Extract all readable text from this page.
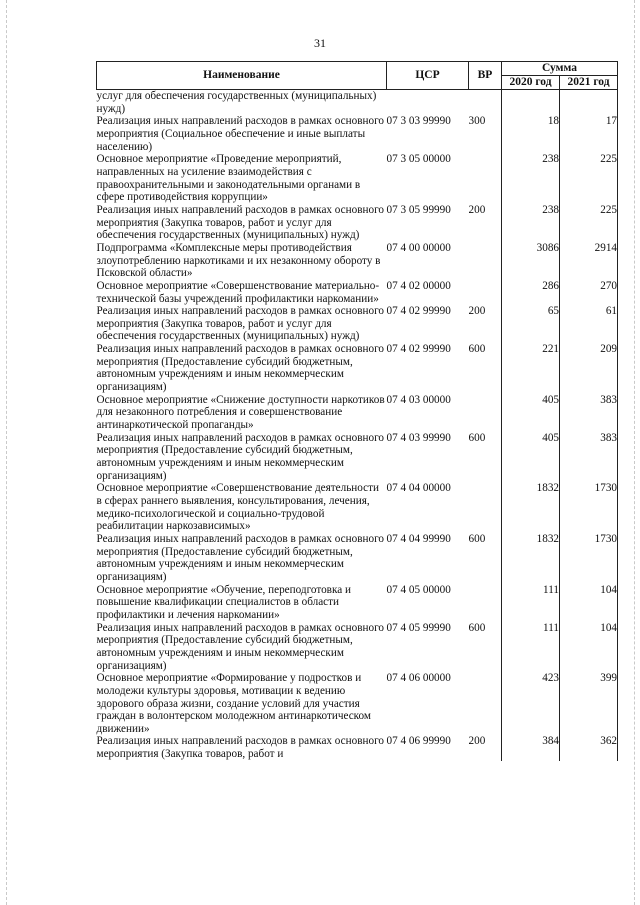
31
Наименование	ЦСР	ВР	Сумма	
			2020 год	2021 год
услуг для обеспечения государственных (муниципальных) нужд)				
Реализация иных направлений расходов в рамках основного мероприятия (Социальное обеспечение и иные выплаты населению)	07 3 03 99990	300	18	17
Основное мероприятие «Проведение мероприятий, направленных на усиление взаимодействия с правоохранительными и законодательными органами в сфере противодействия коррупции»	07 3 05 00000		238	225
Реализация иных направлений расходов в рамках основного мероприятия (Закупка товаров, работ и услуг для обеспечения государственных (муниципальных) нужд)	07 3 05 99990	200	238	225
Подпрограмма «Комплексные меры противодействия злоупотреблению наркотиками и их незаконному обороту в Псковской области»	07 4 00 00000		3086	2914
Основное мероприятие «Совершенствование материально-технической базы учреждений профилактики наркомании»	07 4 02 00000		286	270
Реализация иных направлений расходов в рамках основного мероприятия (Закупка товаров, работ и услуг для обеспечения государственных (муниципальных) нужд)	07 4 02 99990	200	65	61
Реализация иных направлений расходов в рамках основного мероприятия (Предоставление субсидий бюджетным, автономным учреждениям и иным некоммерческим организациям)	07 4 02 99990	600	221	209
Основное мероприятие «Снижение доступности наркотиков для незаконного потребления и совершенствование антинаркотической пропаганды»	07 4 03 00000		405	383
Реализация иных направлений расходов в рамках основного мероприятия (Предоставление субсидий бюджетным, автономным учреждениям и иным некоммерческим организациям)	07 4 03 99990	600	405	383
Основное мероприятие «Совершенствование деятельности в сферах раннего выявления, консультирования, лечения, медико-психологической и социально-трудовой реабилитации наркозависимых»	07 4 04 00000		1832	1730
Реализация иных направлений расходов в рамках основного мероприятия (Предоставление субсидий бюджетным, автономным учреждениям и иным некоммерческим организациям)	07 4 04 99990	600	1832	1730
Основное мероприятие «Обучение, переподготовка и повышение квалификации специалистов в области профилактики и лечения наркомании»	07 4 05 00000		111	104
Реализация иных направлений расходов в рамках основного мероприятия (Предоставление субсидий бюджетным, автономным учреждениям и иным некоммерческим организациям)	07 4 05 99990	600	111	104
Основное мероприятие «Формирование у подростков и молодежи культуры здоровья, мотивации к ведению здорового образа жизни, создание условий для участия граждан в волонтерском молодежном антинаркотическом движении»	07 4 06 00000		423	399
Реализация иных направлений расходов в рамках основного мероприятия (Закупка товаров, работ и	07 4 06 99990	200	384	362
